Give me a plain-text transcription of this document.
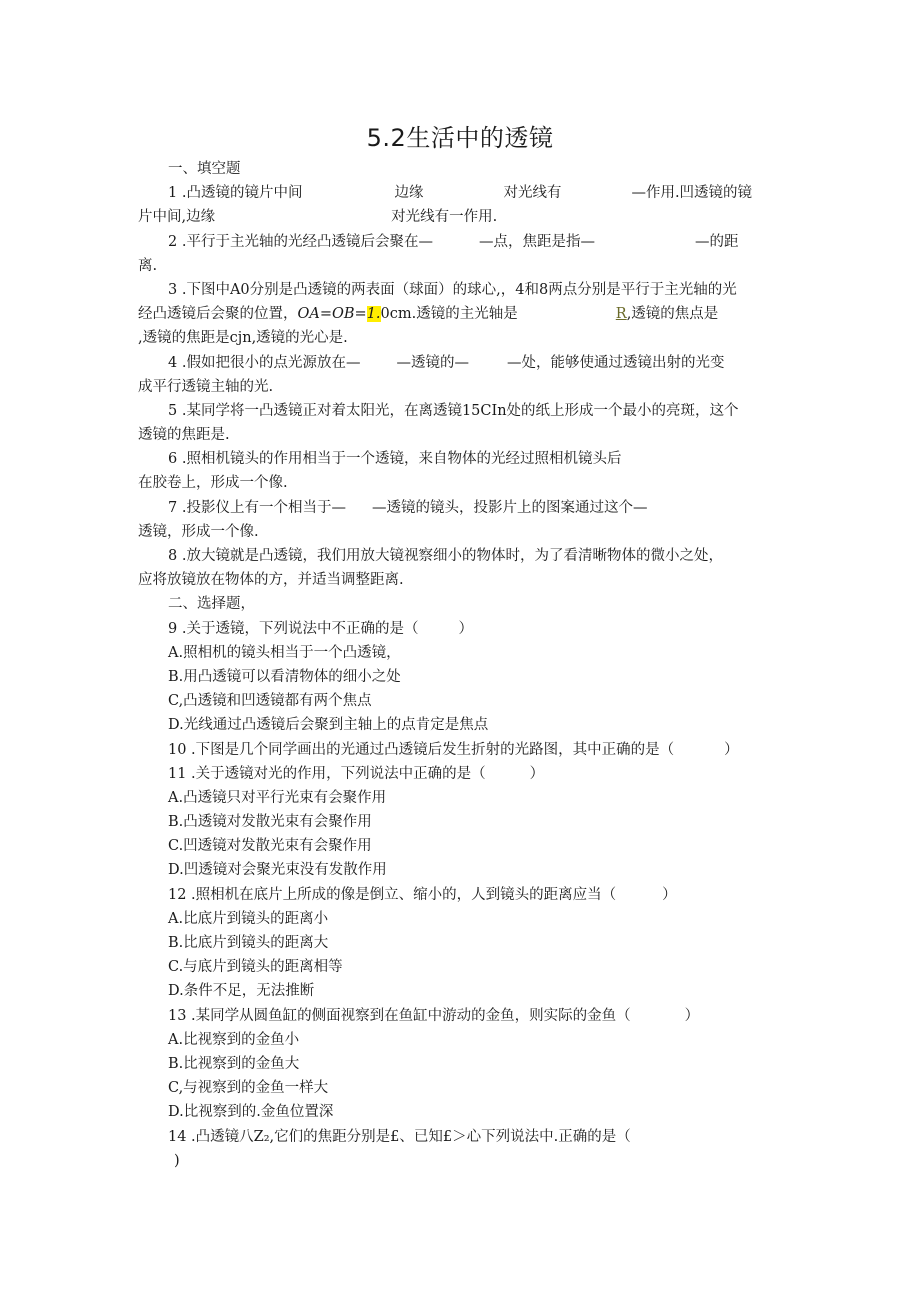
5.2生活中的透镜
一、填空题
1 .凸透镜的镜片中间	边缘	对光线有	—作用.凹透镜的镜
片中间,边缘	对光线有一作用.
2 .平行于主光轴的光经凸透镜后会聚在—	—点，焦距是指—	—的距
离.
3 .下图中A0分别是凸透镜的两表面（球面）的球心,，4和8两点分别是平行于主光轴的光
经凸透镜后会聚的位置，OA=OB=1.0cm.透镜的主光轴是	R,透镜的焦点是
,透镜的焦距是cjn,透镜的光心是.
4 .假如把很小的点光源放在— —透镜的—	—处，能够使通过透镜出射的光变
成平行透镜主轴的光.
5 .某同学将一凸透镜正对着太阳光，在离透镜15CIn处的纸上形成一个最小的亮斑，这个
透镜的焦距是.
6 .照相机镜头的作用相当于一个透镜，来自物体的光经过照相机镜头后
在胶卷上，形成一个像.
7 .投影仪上有一个相当于— —透镜的镜头，投影片上的图案通过这个—
透镜，形成一个像.
8 .放大镜就是凸透镜，我们用放大镜视察细小的物体时，为了看清晰物体的微小之处，
应将放镜放在物体的方，并适当调整距离.
二、选择题，
9 .关于透镜，下列说法中不正确的是（	）
A.照相机的镜头相当于一个凸透镜，
B.用凸透镜可以看清物体的细小之处
C,凸透镜和凹透镜都有两个焦点
D.光线通过凸透镜后会聚到主轴上的点肯定是焦点
10 .下图是几个同学画出的光通过凸透镜后发生折射的光路图，其中正确的是（	）
11 .关于透镜对光的作用，下列说法中正确的是（	）
A.凸透镜只对平行光束有会聚作用
B.凸透镜对发散光束有会聚作用
C.凹透镜对发散光束有会聚作用
D.凹透镜对会聚光束没有发散作用
12 .照相机在底片上所成的像是倒立、缩小的，人到镜头的距离应当（	）
A.比底片到镜头的距离小
B.比底片到镜头的距离大
C.与底片到镜头的距离相等
D.条件不足，无法推断
13 .某同学从圆鱼缸的侧面视察到在鱼缸中游动的金鱼，则实际的金鱼（	）
A.比视察到的金鱼小
B.比视察到的金鱼大
C,与视察到的金鱼一样大
D.比视察到的.金鱼位置深
14 .凸透镜八Z₂,它们的焦距分别是£、已知£＞心下列说法中.正确的是（
)
